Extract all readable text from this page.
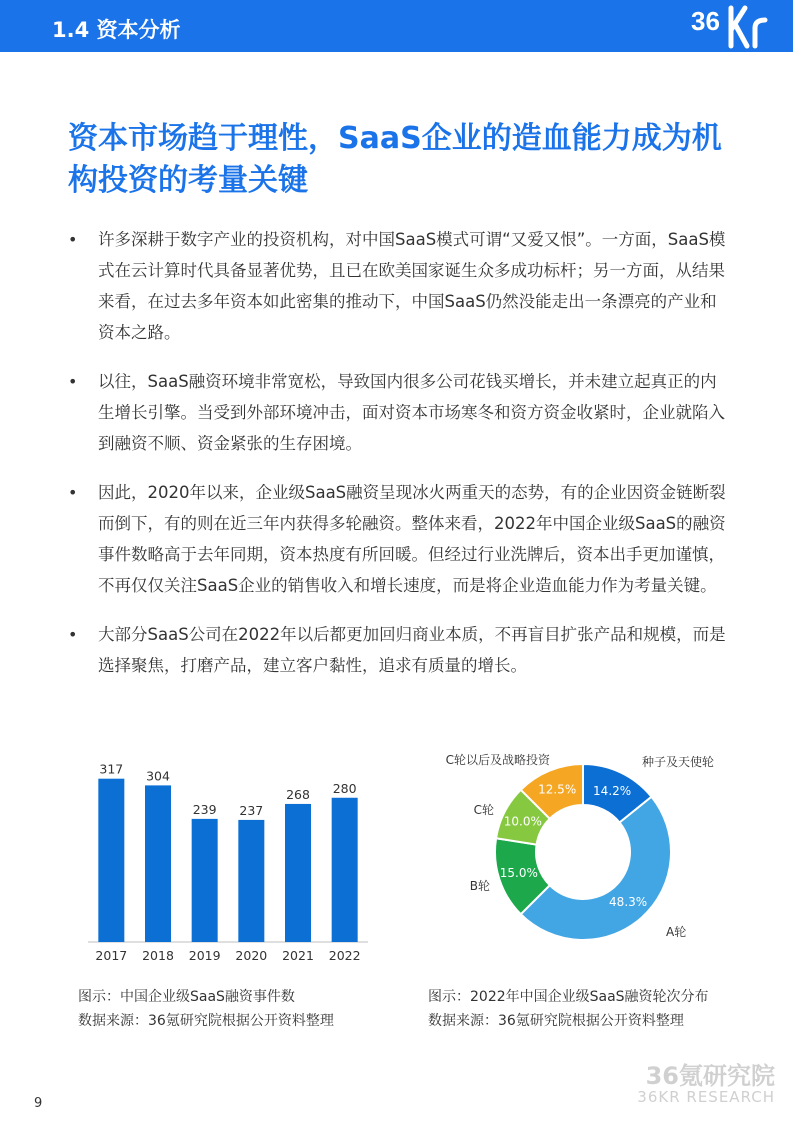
1.4 资本分析	36
资本市场趋于理性，SaaS企业的造血能力成为机构投资的考量关键
• 许多深耕于数字产业的投资机构，对中国SaaS模式可谓“又爱又恨”。一方面，SaaS模式在云计算时代具备显著优势，且已在欧美国家诞生众多成功标杆；另一方面，从结果来看，在过去多年资本如此密集的推动下，中国SaaS仍然没能走出一条漂亮的产业和资本之路。
• 以往，SaaS融资环境非常宽松，导致国内很多公司花钱买增长，并未建立起真正的内生增长引擎。当受到外部环境冲击，面对资本市场寒冬和资方资金收紧时，企业就陷入到融资不顺、资金紧张的生存困境。
• 因此，2020年以来，企业级SaaS融资呈现冰火两重天的态势，有的企业因资金链断裂而倒下，有的则在近三年内获得多轮融资。整体来看，2022年中国企业级SaaS的融资事件数略高于去年同期，资本热度有所回暖。但经过行业洗牌后，资本出手更加谨慎，不再仅仅关注SaaS企业的销售收入和增长速度，而是将企业造血能力作为考量关键。
• 大部分SaaS公司在2022年以后都更加回归商业本质，不再盲目扩张产品和规模，而是选择聚焦，打磨产品，建立客户黏性，追求有质量的增长。
317
2017
304
2018
239
2019
237
2020
268
2021
280
2022
14.2%
种子及天使轮
48.3%
A轮
15.0%
B轮
10.0%
C轮
12.5%
C轮以后及战略投资
图示：中国企业级SaaS融资事件数
数据来源：36氪研究院根据公开资料整理
图示：2022年中国企业级SaaS融资轮次分布
数据来源：36氪研究院根据公开资料整理
9
36氪研究院
36KR RESEARCH
